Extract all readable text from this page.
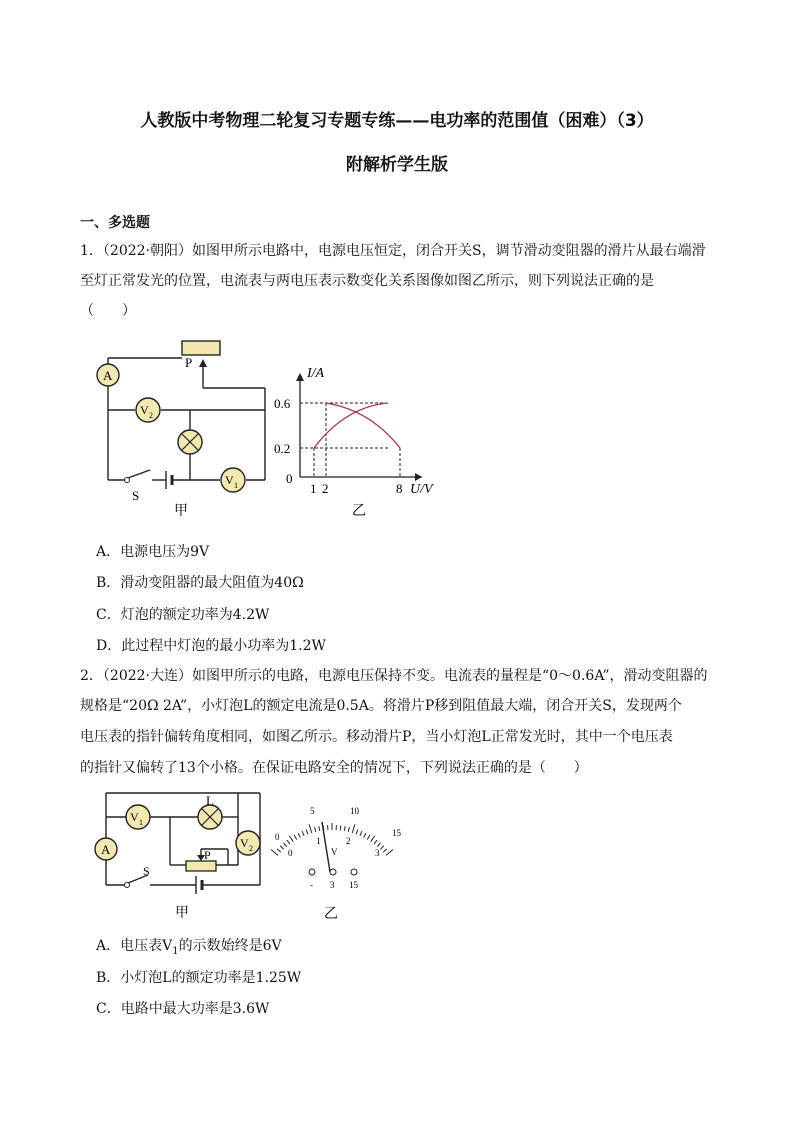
人教版中考物理二轮复习专题专练——电功率的范围值（困难）（3）
附解析学生版
一、多选题
1．（2022·朝阳）如图甲所示电路中，电源电压恒定，闭合开关S，调节滑动变阻器的滑片从最右端滑
至灯正常发光的位置，电流表与两电压表示数变化关系图像如图乙所示，则下列说法正确的是
（　　）
A
P
V 2
V 1
S
甲
I/A
0.6
0.2
0
1 2	8 U/V
乙
A．电源电压为9V
B．滑动变阻器的最大阻值为40Ω
C．灯泡的额定功率为4.2W
D．此过程中灯泡的最小功率为1.2W
2．（2022·大连）如图甲所示的电路，电源电压保持不变。电流表的量程是“0～0.6A”，滑动变阻器的
规格是“20Ω 2A”，小灯泡L的额定电流是0.5A。将滑片P移到阻值最大端，闭合开关S，发现两个
电压表的指针偏转角度相同，如图乙所示。移动滑片P，当小灯泡L正常发光时，其中一个电压表
的指针又偏转了13个小格。在保证电路安全的情况下，下列说法正确的是（　　）
P
V 1
L
V 2
A
S
甲
0
5	10
15
0
1	2
3
V
- 3 15
乙
A．电压表$V_1$的示数始终是6V
B．小灯泡L的额定功率是1.25W
C．电路中最大功率是3.6W
